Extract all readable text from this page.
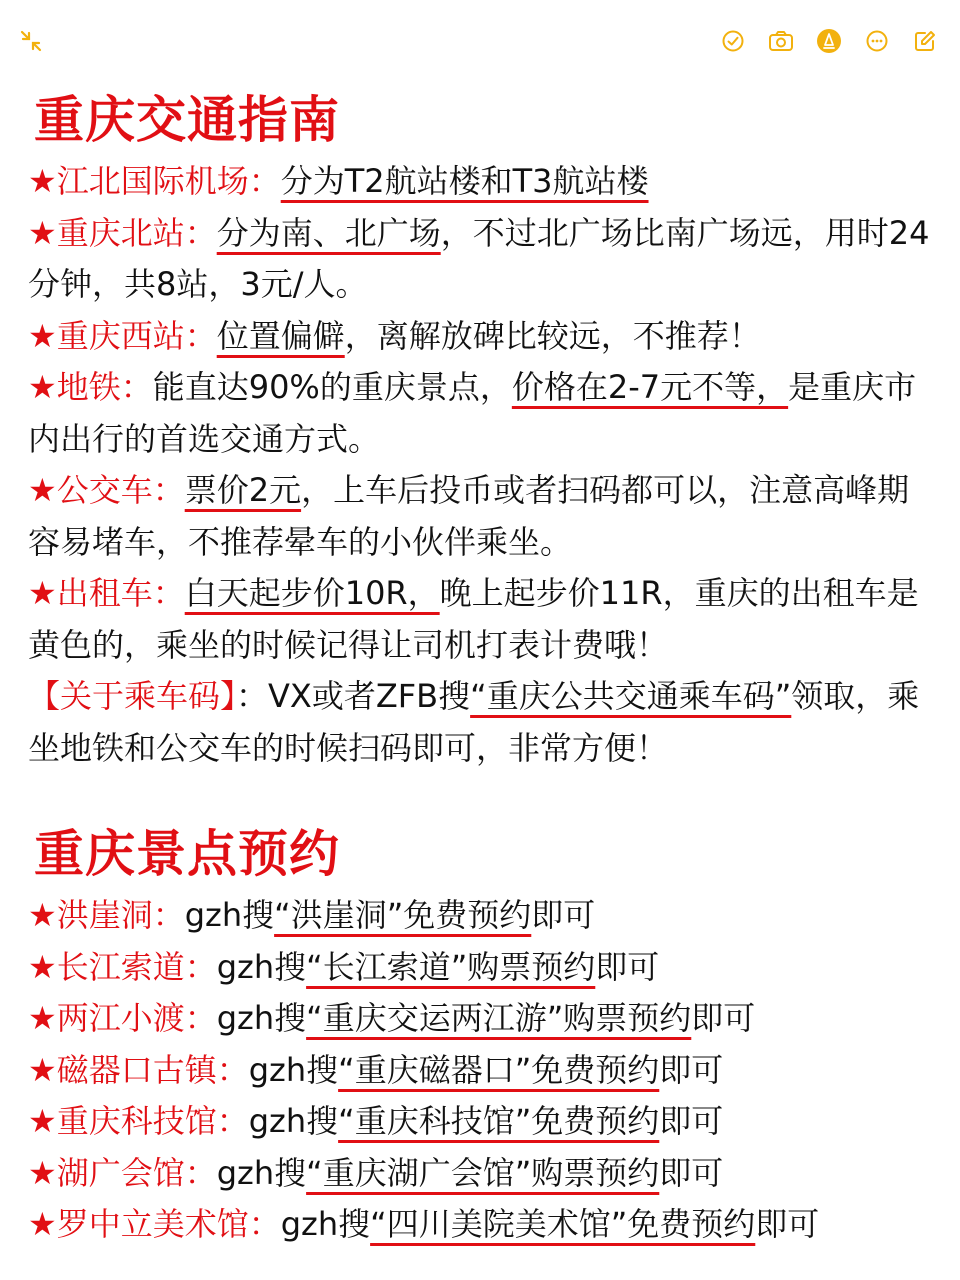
重庆交通指南

★江北国际机场：分为T2航站楼和T3航站楼

★重庆北站：分为南、北广场，不过北广场比南广场远，用时24分钟，共8站，3元/人。

★重庆西站：位置偏僻，离解放碑比较远，不推荐！

★地铁：能直达90%的重庆景点，价格在2-7元不等，是重庆市内出行的首选交通方式。

★公交车：票价2元，上车后投币或者扫码都可以，注意高峰期容易堵车，不推荐晕车的小伙伴乘坐。

★出租车：白天起步价10R，晚上起步价11R，重庆的出租车是黄色的，乘坐的时候记得让司机打表计费哦！

【关于乘车码】：VX或者ZFB搜“重庆公共交通乘车码”领取，乘坐地铁和公交车的时候扫码即可，非常方便！

重庆景点预约

★洪崖洞：gzh搜“洪崖洞”免费预约即可

★长江索道：gzh搜“长江索道”购票预约即可

★两江小渡：gzh搜“重庆交运两江游”购票预约即可

★磁器口古镇：gzh搜“重庆磁器口”免费预约即可

★重庆科技馆：gzh搜“重庆科技馆”免费预约即可

★湖广会馆：gzh搜“重庆湖广会馆”购票预约即可

★罗中立美术馆：gzh搜“四川美院美术馆”免费预约即可
